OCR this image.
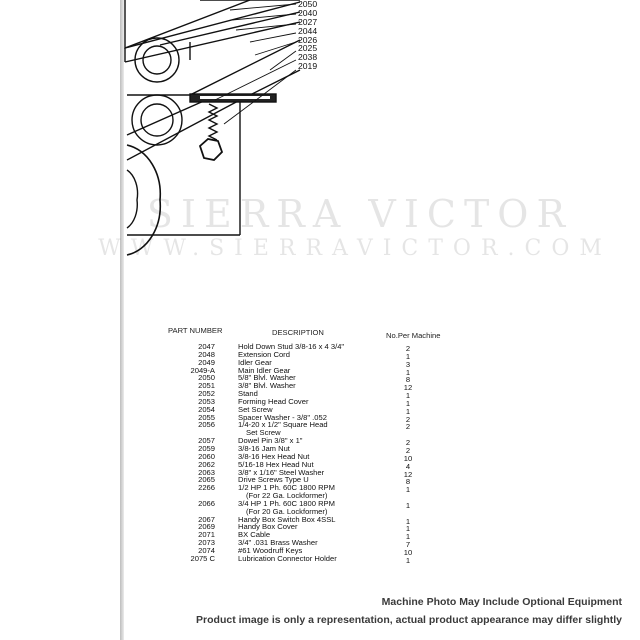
2050
2040
2027
2044
2026
2025
2038
2019
SIERRA VICTOR
WWW.SIERRAVICTOR.COM
PART NUMBER	DESCRIPTION	No.Per Machine
2047	Hold Down Stud 3/8-16 x 4 3/4"	2
2048	Extension Cord	1
2049	Idler Gear	3
2049-A	Main Idler Gear	1
2050	5/8" Blvl. Washer	8
2051	3/8" Blvl. Washer	12
2052	Stand	1
2053	Forming Head Cover	1
2054	Set Screw	1
2055	Spacer Washer - 3/8" .052	2
2056	1/4-20 x 1/2" Square Head	2
Set Screw
2057	Dowel Pin 3/8" x 1"	2
2059	3/8-16 Jam Nut	2
2060	3/8-16 Hex Head Nut	10
2062	5/16-18 Hex Head Nut	4
2063	3/8" x 1/16" Steel Washer	12
2065	Drive Screws Type U	8
2266	1/2 HP 1 Ph. 60C 1800 RPM	1
(For 22 Ga. Lockformer)
2066	3/4 HP 1 Ph. 60C 1800 RPM	1
(For 20 Ga. Lockformer)
2067	Handy Box Switch Box 4SSL	1
2069	Handy Box Cover	1
2071	BX Cable	1
2073	3/4" .031 Brass Washer	7
2074	#61 Woodruff Keys	10
2075 C	Lubrication Connector Holder	1
Machine Photo May Include Optional Equipment
Product image is only a representation, actual product appearance may differ slightly
